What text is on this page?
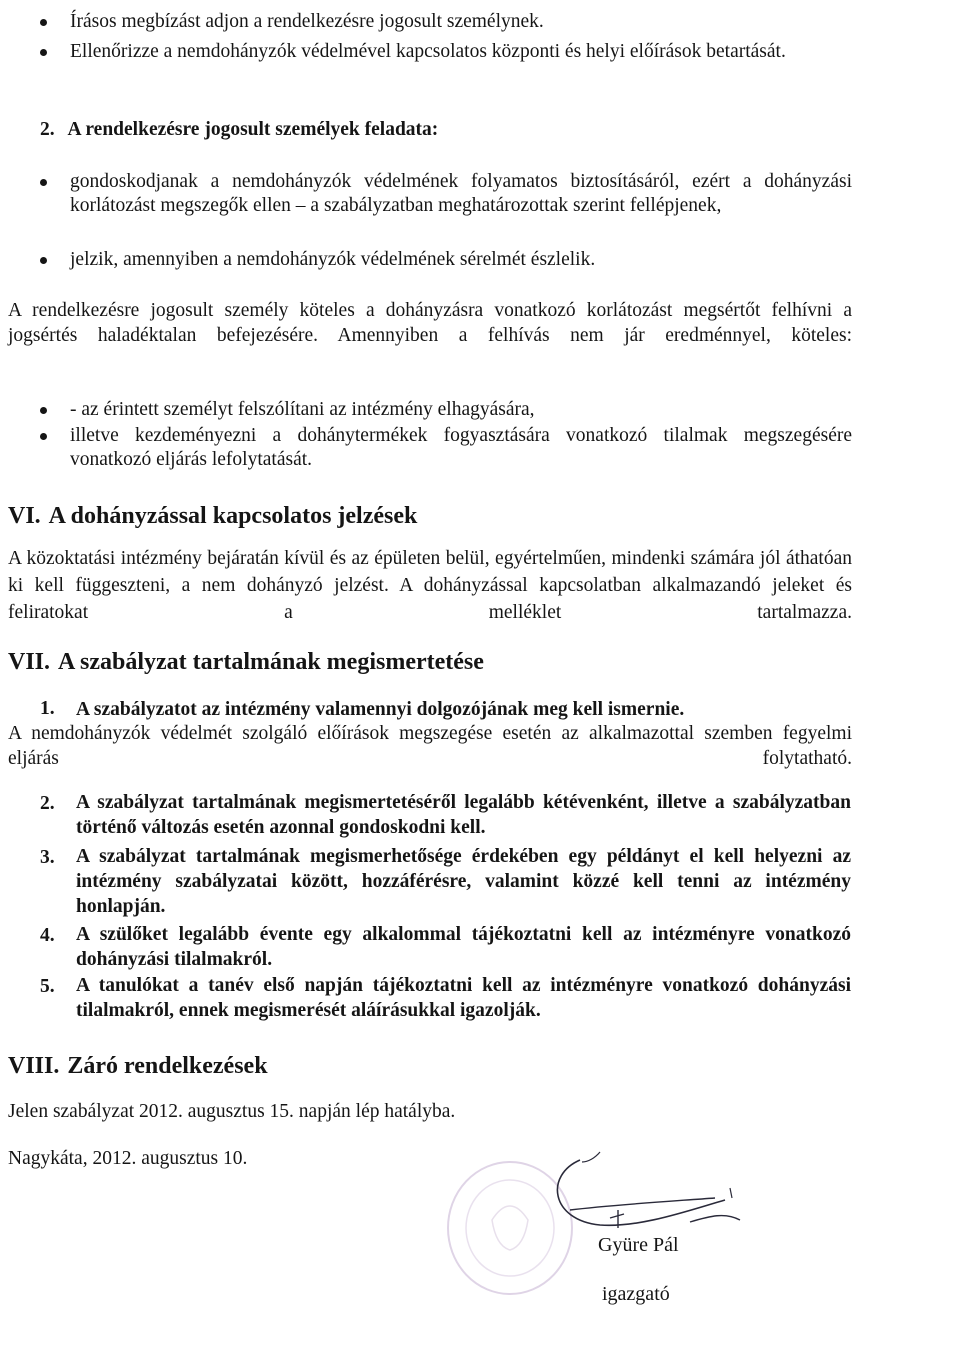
Írásos megbízást adjon a rendelkezésre jogosult személynek.
Ellenőrizze a nemdohányzók védelmével kapcsolatos központi és helyi előírások betartását.
2. A rendelkezésre jogosult személyek feladata:
gondoskodjanak a nemdohányzók védelmének folyamatos biztosításáról, ezért a dohányzási korlátozást megszegők ellen – a szabályzatban meghatározottak szerint fellépjenek,
jelzik, amennyiben a nemdohányzók védelmének sérelmét észlelik.
A rendelkezésre jogosult személy köteles a dohányzásra vonatkozó korlátozást megsértőt felhívni a jogsértés haladéktalan befejezésére. Amennyiben a felhívás nem jár eredménnyel, köteles:
- az érintett személyt felszólítani az intézmény elhagyására,
illetve kezdeményezni a dohánytermékek fogyasztására vonatkozó tilalmak megszegésére vonatkozó eljárás lefolytatását.
VI. A dohányzással kapcsolatos jelzések
A közoktatási intézmény bejáratán kívül és az épületen belül, egyértelműen, mindenki számára jól áthatóan ki kell függeszteni, a nem dohányzó jelzést. A dohányzással kapcsolatban alkalmazandó jeleket és feliratokat a melléklet tartalmazza.
VII. A szabályzat tartalmának megismertetése
1.	A szabályzatot az intézmény valamennyi dolgozójának meg kell ismernie.
A nemdohányzók védelmét szolgáló előírások megszegése esetén az alkalmazottal szemben fegyelmi eljárás folytatható.
2.	A szabályzat tartalmának megismertetéséről legalább kétévenként, illetve a szabályzatban történő változás esetén azonnal gondoskodni kell.
3.	A szabályzat tartalmának megismerhetősége érdekében egy példányt el kell helyezni az intézmény szabályzatai között, hozzáférésre, valamint közzé kell tenni az intézmény honlapján.
4.	A szülőket legalább évente egy alkalommal tájékoztatni kell az intézményre vonatkozó dohányzási tilalmakról.
5.	A tanulókat a tanév első napján tájékoztatni kell az intézményre vonatkozó dohányzási tilalmakról, ennek megismerését aláírásukkal igazolják.
VIII. Záró rendelkezések
Jelen szabályzat 2012. augusztus 15. napján lép hatályba.
Nagykáta, 2012. augusztus 10.
Gyüre Pál
igazgató
